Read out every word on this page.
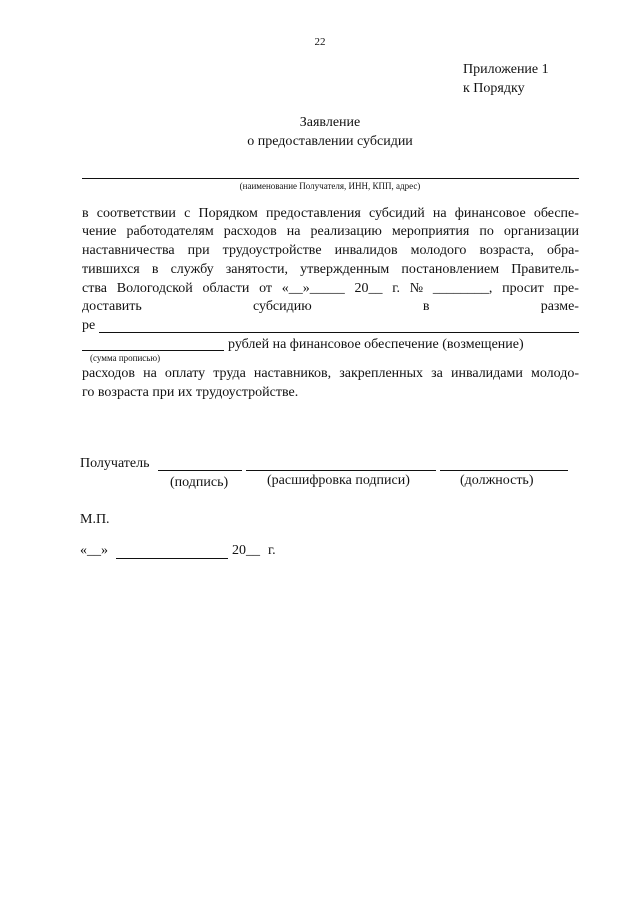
22
Приложение 1
к Порядку
Заявление
о предоставлении субсидии
(наименование Получателя, ИНН, КПП, адрес)
в соответствии с Порядком предоставления субсидий на финансовое обеспе-
чение работодателям расходов на реализацию мероприятия по организации
наставничества при трудоустройстве инвалидов молодого возраста, обра-
тившихся в службу занятости, утвержденным постановлением Правитель-
ства Вологодской области от «__»_____ 20__ г. № ________, просит пре-
доставить	субсидию	в	разме-
ре
рублей на финансовое обеспечение (возмещение)
(сумма прописью)
расходов на оплату труда наставников, закрепленных за инвалидами молодо-
го возраста при их трудоустройстве.
Получатель
(подпись)	(расшифровка подписи)	(должность)
М.П.
«__»	20__ г.
